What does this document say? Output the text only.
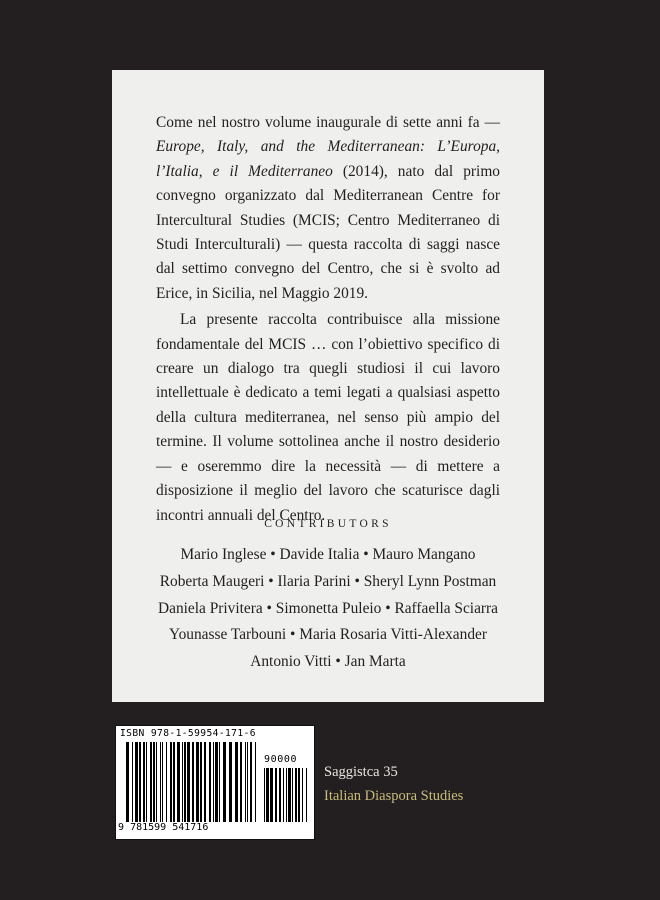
Come nel nostro volume inaugurale di sette anni fa — Europe, Italy, and the Mediterranean: L’Europa, l’Italia, e il Mediterraneo (2014), nato dal primo convegno organizzato dal Mediterranean Centre for Intercultural Studies (MCIS; Centro Mediterraneo di Studi Interculturali) — questa raccolta di saggi nasce dal settimo convegno del Centro, che si è svolto ad Erice, in Sicilia, nel Maggio 2019.

La presente raccolta contribuisce alla missione fondamentale del MCIS … con l’obiettivo specifico di creare un dialogo tra quegli studiosi il cui lavoro intellettuale è dedicato a temi legati a qualsiasi aspetto della cultura mediterranea, nel senso più ampio del termine. Il volume sottolinea anche il nostro desiderio — e oseremmo dire la necessità — di mettere a disposizione il meglio del lavoro che scaturisce dagli incontri annuali del Centro.

CONTRIBUTORS
Mario Inglese • Davide Italia • Mauro Mangano
Roberta Maugeri • Ilaria Parini • Sheryl Lynn Postman
Daniela Privitera • Simonetta Puleio • Raffaella Sciarra
Younasse Tarbouni • Maria Rosaria Vitti-Alexander
Antonio Vitti • Jan Marta
ISBN 978-1-59954-171-6
90000
9 781599 541716
Saggistca 35
Italian Diaspora Studies
